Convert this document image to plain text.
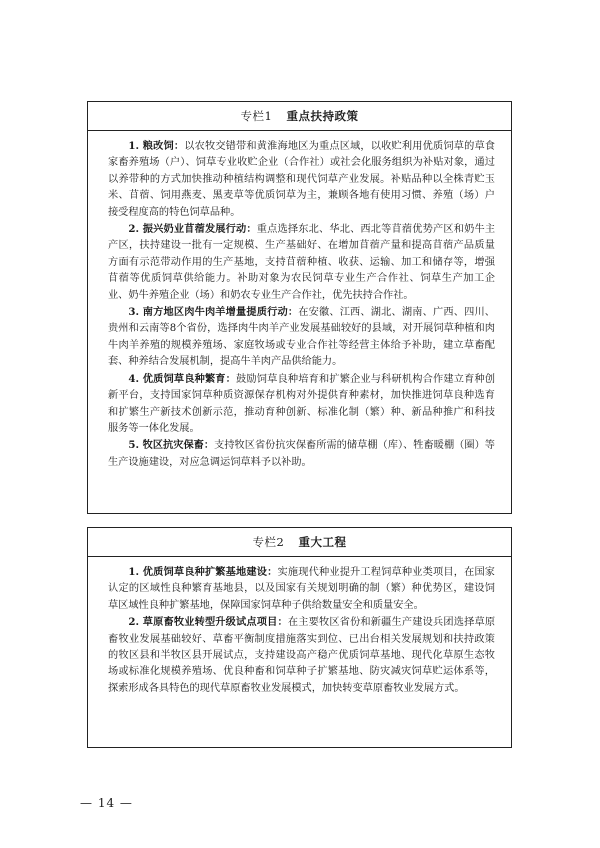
专栏1 重点扶持政策

1. 粮改饲：以农牧交错带和黄淮海地区为重点区域，以收贮利用优质饲草的草食家畜养殖场（户）、饲草专业收贮企业（合作社）或社会化服务组织为补贴对象，通过以养带种的方式加快推动种植结构调整和现代饲草产业发展。补贴品种以全株青贮玉米、苜蓿、饲用燕麦、黑麦草等优质饲草为主，兼顾各地有使用习惯、养殖（场）户接受程度高的特色饲草品种。

2. 振兴奶业苜蓿发展行动：重点选择东北、华北、西北等苜蓿优势产区和奶牛主产区，扶持建设一批有一定规模、生产基础好、在增加苜蓿产量和提高苜蓿产品质量方面有示范带动作用的生产基地，支持苜蓿种植、收获、运输、加工和储存等，增强苜蓿等优质饲草供给能力。补助对象为农民饲草专业生产合作社、饲草生产加工企业、奶牛养殖企业（场）和奶农专业生产合作社，优先扶持合作社。

3. 南方地区肉牛肉羊增量提质行动：在安徽、江西、湖北、湖南、广西、四川、贵州和云南等8个省份，选择肉牛肉羊产业发展基础较好的县域，对开展饲草种植和肉牛肉羊养殖的规模养殖场、家庭牧场或专业合作社等经营主体给予补助，建立草畜配套、种养结合发展机制，提高牛羊肉产品供给能力。

4. 优质饲草良种繁育：鼓励饲草良种培育和扩繁企业与科研机构合作建立育种创新平台，支持国家饲草种质资源保存机构对外提供育种素材，加快推进饲草良种选育和扩繁生产新技术创新示范，推动育种创新、标准化制（繁）种、新品种推广和科技服务等一体化发展。

5. 牧区抗灾保畜：支持牧区省份抗灾保畜所需的储草棚（库）、牲畜暖棚（圈）等生产设施建设，对应急调运饲草料予以补助。

专栏2 重大工程

1. 优质饲草良种扩繁基地建设：实施现代种业提升工程饲草种业类项目，在国家认定的区域性良种繁育基地县，以及国家有关规划明确的制（繁）种优势区，建设饲草区域性良种扩繁基地，保障国家饲草种子供给数量安全和质量安全。

2. 草原畜牧业转型升级试点项目：在主要牧区省份和新疆生产建设兵团选择草原畜牧业发展基础较好、草畜平衡制度措施落实到位、已出台相关发展规划和扶持政策的牧区县和半牧区县开展试点，支持建设高产稳产优质饲草基地、现代化草原生态牧场或标准化规模养殖场、优良种畜和饲草种子扩繁基地、防灾减灾饲草贮运体系等，探索形成各具特色的现代草原畜牧业发展模式，加快转变草原畜牧业发展方式。

— 14 —
